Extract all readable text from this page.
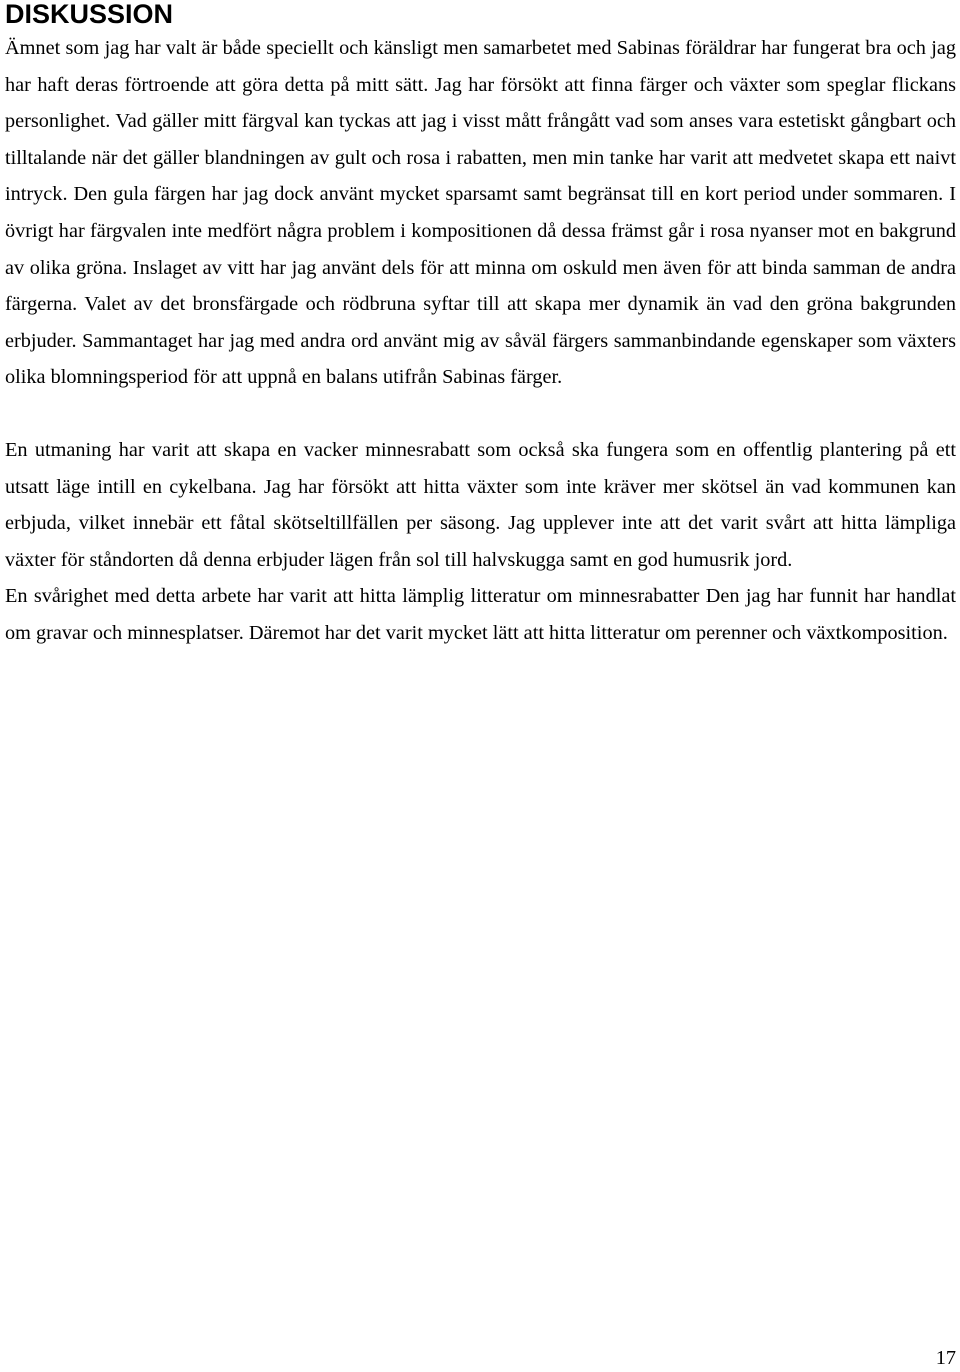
DISKUSSION

Ämnet som jag har valt är både speciellt och känsligt men samarbetet med Sabinas föräldrar har fungerat bra och jag har haft deras förtroende att göra detta på mitt sätt. Jag har försökt att finna färger och växter som speglar flickans personlighet. Vad gäller mitt färgval kan tyckas att jag i visst mått frångått vad som anses vara estetiskt gångbart och tilltalande när det gäller blandningen av gult och rosa i rabatten, men min tanke har varit att medvetet skapa ett naivt intryck. Den gula färgen har jag dock använt mycket sparsamt samt begränsat till en kort period under sommaren. I övrigt har färgvalen inte medfört några problem i kompositionen då dessa främst går i rosa nyanser mot en bakgrund av olika gröna. Inslaget av vitt har jag använt dels för att minna om oskuld men även för att binda samman de andra färgerna. Valet av det bronsfärgade och rödbruna syftar till att skapa mer dynamik än vad den gröna bakgrunden erbjuder. Sammantaget har jag med andra ord använt mig av såväl färgers sammanbindande egenskaper som växters olika blomningsperiod för att uppnå en balans utifrån Sabinas färger.

En utmaning har varit att skapa en vacker minnesrabatt som också ska fungera som en offentlig plantering på ett utsatt läge intill en cykelbana. Jag har försökt att hitta växter som inte kräver mer skötsel än vad kommunen kan erbjuda, vilket innebär ett fåtal skötseltillfällen per säsong. Jag upplever inte att det varit svårt att hitta lämpliga växter för ståndorten då denna erbjuder lägen från sol till halvskugga samt en god humusrik jord.

En svårighet med detta arbete har varit att hitta lämplig litteratur om minnesrabatter Den jag har funnit har handlat om gravar och minnesplatser. Däremot har det varit mycket lätt att hitta litteratur om perenner och växtkomposition.

17
